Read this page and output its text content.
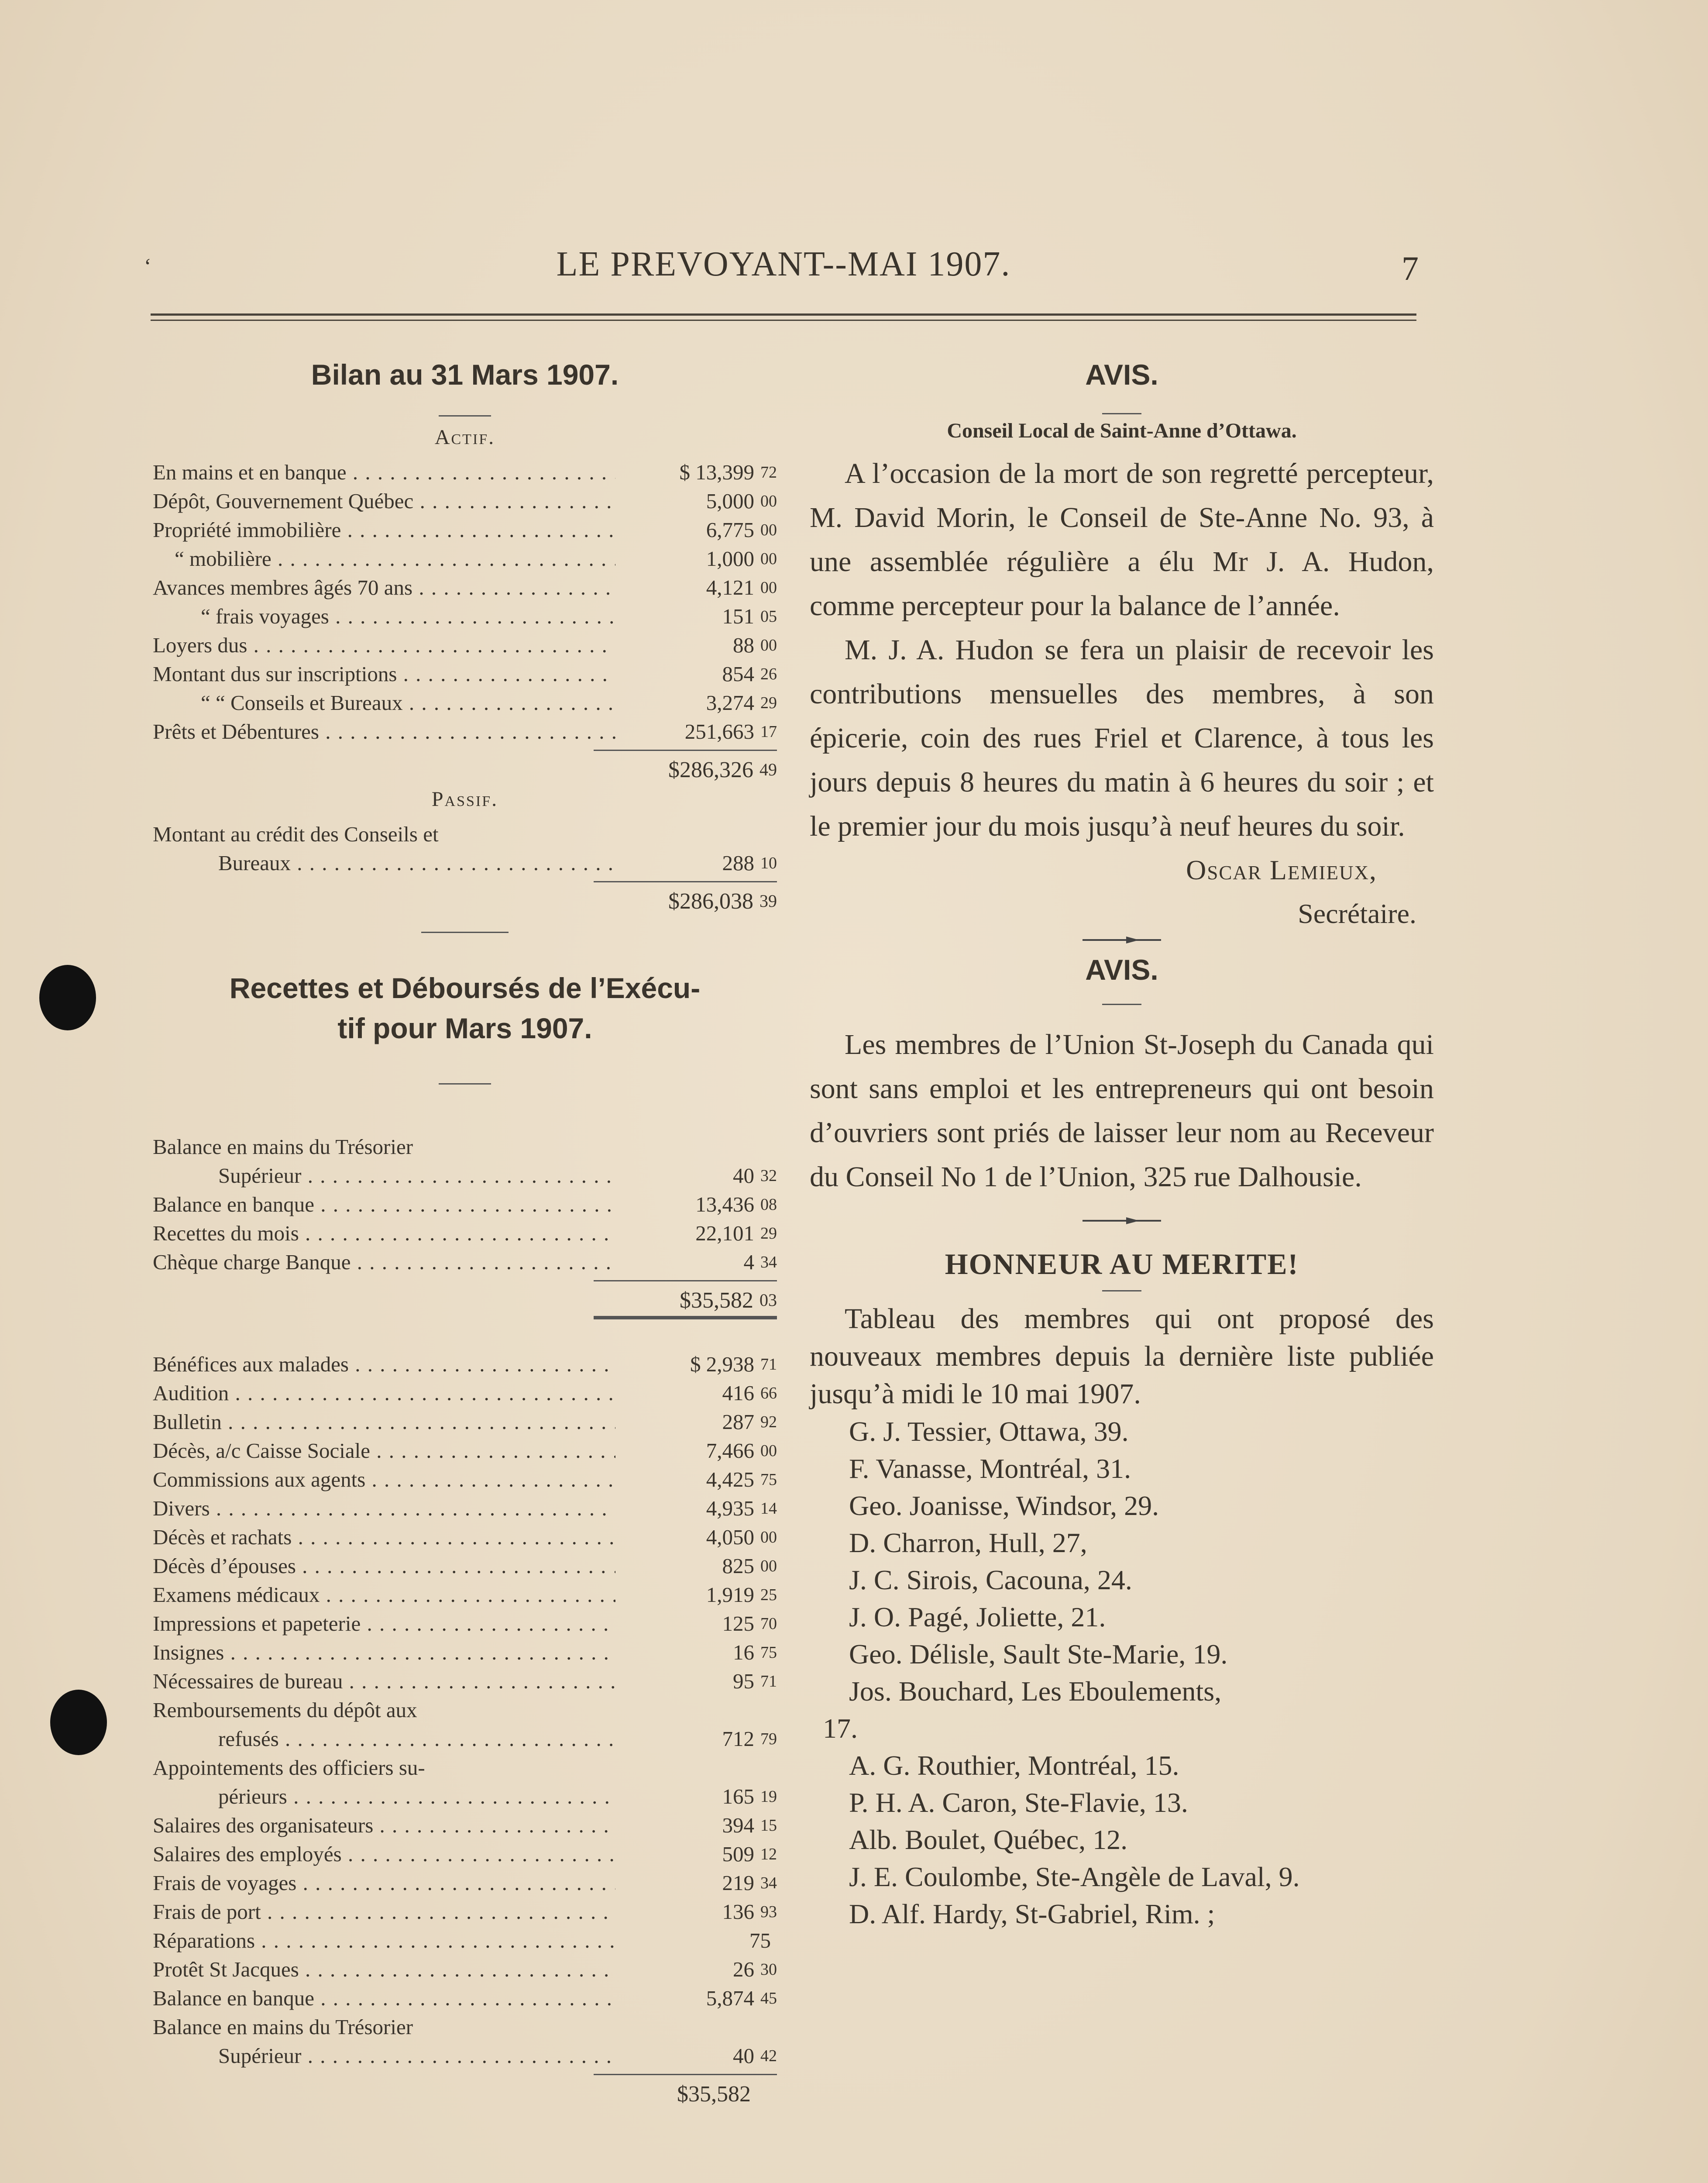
‘	LE PREVOYANT--MAI 1907.	7
Bilan au 31 Mars 1907.

Actif.

En mains et en banque . . .	$ 13,399 72
Dépôt, Gouvernement Québec . . .	5,000 00
Propriété immobilière . . .	6,775 00
“ mobilière . . .	1,000 00
Avances membres âgés 70 ans . . .	4,121 00
“ frais voyages . . .	151 05
Loyers dus . . .	88 00
Montant dus sur inscriptions . . .	854 26
“ “ Conseils et Bureaux . . .	3,274 29
Prêts et Débentures . . .	251,663 17

$286,326 49

Passif.

Montant au crédit des Conseils et
Bureaux . . .	288 10

$286,038 39

Recettes et Déboursés de l’Exécu-
tif pour Mars 1907.
Balance en mains du Trésorier
Supérieur . . .	40 32
Balance en banque . . .	13,436 08
Recettes du mois . . .	22,101 29
Chèque charge Banque . . .	4 34

$35,582 03

Bénéfices aux malades . . .	$ 2,938 71
Audition . . .	416 66
Bulletin . . .	287 92
Décès, a/c Caisse Sociale . . .	7,466 00
Commissions aux agents . . .	4,425 75
Divers . . .	4,935 14
Décès et rachats . . .	4,050 00
Décès d’épouses . . .	825 00
Examens médicaux . . .	1,919 25
Impressions et papeterie . . .	125 70
Insignes . . .	16 75
Nécessaires de bureau . . .	95 71
Remboursements du dépôt aux
refusés . . .	712 79
Appointements des officiers su-
périeurs . . .	165 19
Salaires des organisateurs . . .	394 15
Salaires des employés . . .	509 12
Frais de voyages . . .	219 34
Frais de port . . .	136 93
Réparations . . .	75
Protêt St Jacques . . .	26 30
Balance en banque . . .	5,874 45
Balance en mains du Trésorier
Supérieur . . .	40 42

$35,582

AVIS.

Conseil Local de Saint-Anne d’Ottawa.

A l’occasion de la mort de son regretté percepteur, M. David Morin, le Conseil de Ste-Anne No. 93, à une assemblée régulière a élu Mr J. A. Hudon, comme percepteur pour la balance de l’année.

M. J. A. Hudon se fera un plaisir de recevoir les contributions mensuelles des membres, à son épicerie, coin des rues Friel et Clarence, à tous les jours depuis 8 heures du matin à 6 heures du soir ; et le premier jour du mois jusqu’à neuf heures du soir.

Oscar Lemieux,

Secrétaire.

AVIS.

Les membres de l’Union St-Joseph du Canada qui sont sans emploi et les entrepreneurs qui ont besoin d’ouvriers sont priés de laisser leur nom au Receveur du Conseil No 1 de l’Union, 325 rue Dalhousie.

HONNEUR AU MERITE!

Tableau des membres qui ont proposé des nouveaux membres depuis la dernière liste publiée jusqu’à midi le 10 mai 1907.

G. J. Tessier, Ottawa, 39.
F. Vanasse, Montréal, 31.
Geo. Joanisse, Windsor, 29.
D. Charron, Hull, 27,
J. C. Sirois, Cacouna, 24.
J. O. Pagé, Joliette, 21.
Geo. Délisle, Sault Ste-Marie, 19.
Jos. Bouchard, Les Eboulements,
17.
A. G. Routhier, Montréal, 15.
P. H. A. Caron, Ste-Flavie, 13.
Alb. Boulet, Québec, 12.

J. E. Coulombe, Ste-Angèle de Laval, 9.

D. Alf. Hardy, St-Gabriel, Rim. ;
